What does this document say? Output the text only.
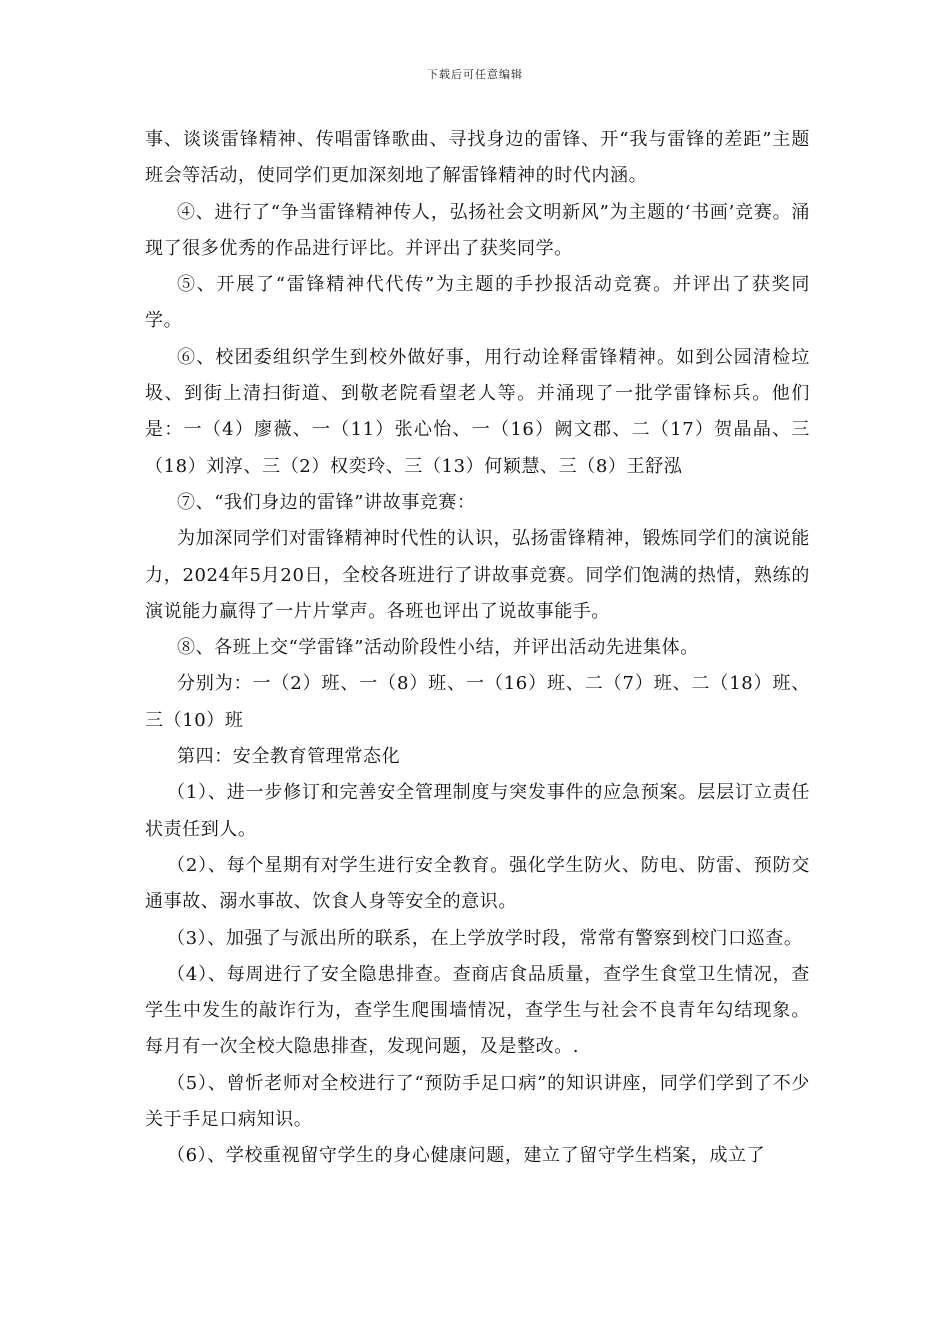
下载后可任意编辑

事、谈谈雷锋精神、传唱雷锋歌曲、寻找身边的雷锋、开“我与雷锋的差距”主题班会等活动，使同学们更加深刻地了解雷锋精神的时代内涵。

④、进行了“争当雷锋精神传人，弘扬社会文明新风”为主题的‘书画’竞赛。涌现了很多优秀的作品进行评比。并评出了获奖同学。

⑤、开展了“雷锋精神代代传”为主题的手抄报活动竞赛。并评出了获奖同学。

⑥、校团委组织学生到校外做好事，用行动诠释雷锋精神。如到公园清检垃圾、到街上清扫街道、到敬老院看望老人等。并涌现了一批学雷锋标兵。他们是：一（4）廖薇、一（11）张心怡、一（16）阙文郡、二（17）贺晶晶、三（18）刘淳、三（2）权奕玲、三（13）何颖慧、三（8）王舒泓

⑦、“我们身边的雷锋”讲故事竞赛：

为加深同学们对雷锋精神时代性的认识，弘扬雷锋精神，锻炼同学们的演说能力，2024年5月20日，全校各班进行了讲故事竞赛。同学们饱满的热情，熟练的演说能力赢得了一片片掌声。各班也评出了说故事能手。

⑧、各班上交“学雷锋”活动阶段性小结，并评出活动先进集体。

分别为：一（2）班、一（8）班、一（16）班、二（7）班、二（18）班、三（10）班

第四：安全教育管理常态化

（1）、进一步修订和完善安全管理制度与突发事件的应急预案。层层订立责任状责任到人。

（2）、每个星期有对学生进行安全教育。强化学生防火、防电、防雷、预防交通事故、溺水事故、饮食人身等安全的意识。

（3）、加强了与派出所的联系，在上学放学时段，常常有警察到校门口巡查。

（4）、每周进行了安全隐患排查。查商店食品质量，查学生食堂卫生情况，查学生中发生的敲诈行为，查学生爬围墙情况，查学生与社会不良青年勾结现象。每月有一次全校大隐患排查，发现问题，及是整改。.

（5）、曾忻老师对全校进行了“预防手足口病”的知识讲座，同学们学到了不少关于手足口病知识。

（6）、学校重视留守学生的身心健康问题，建立了留守学生档案，成立了
